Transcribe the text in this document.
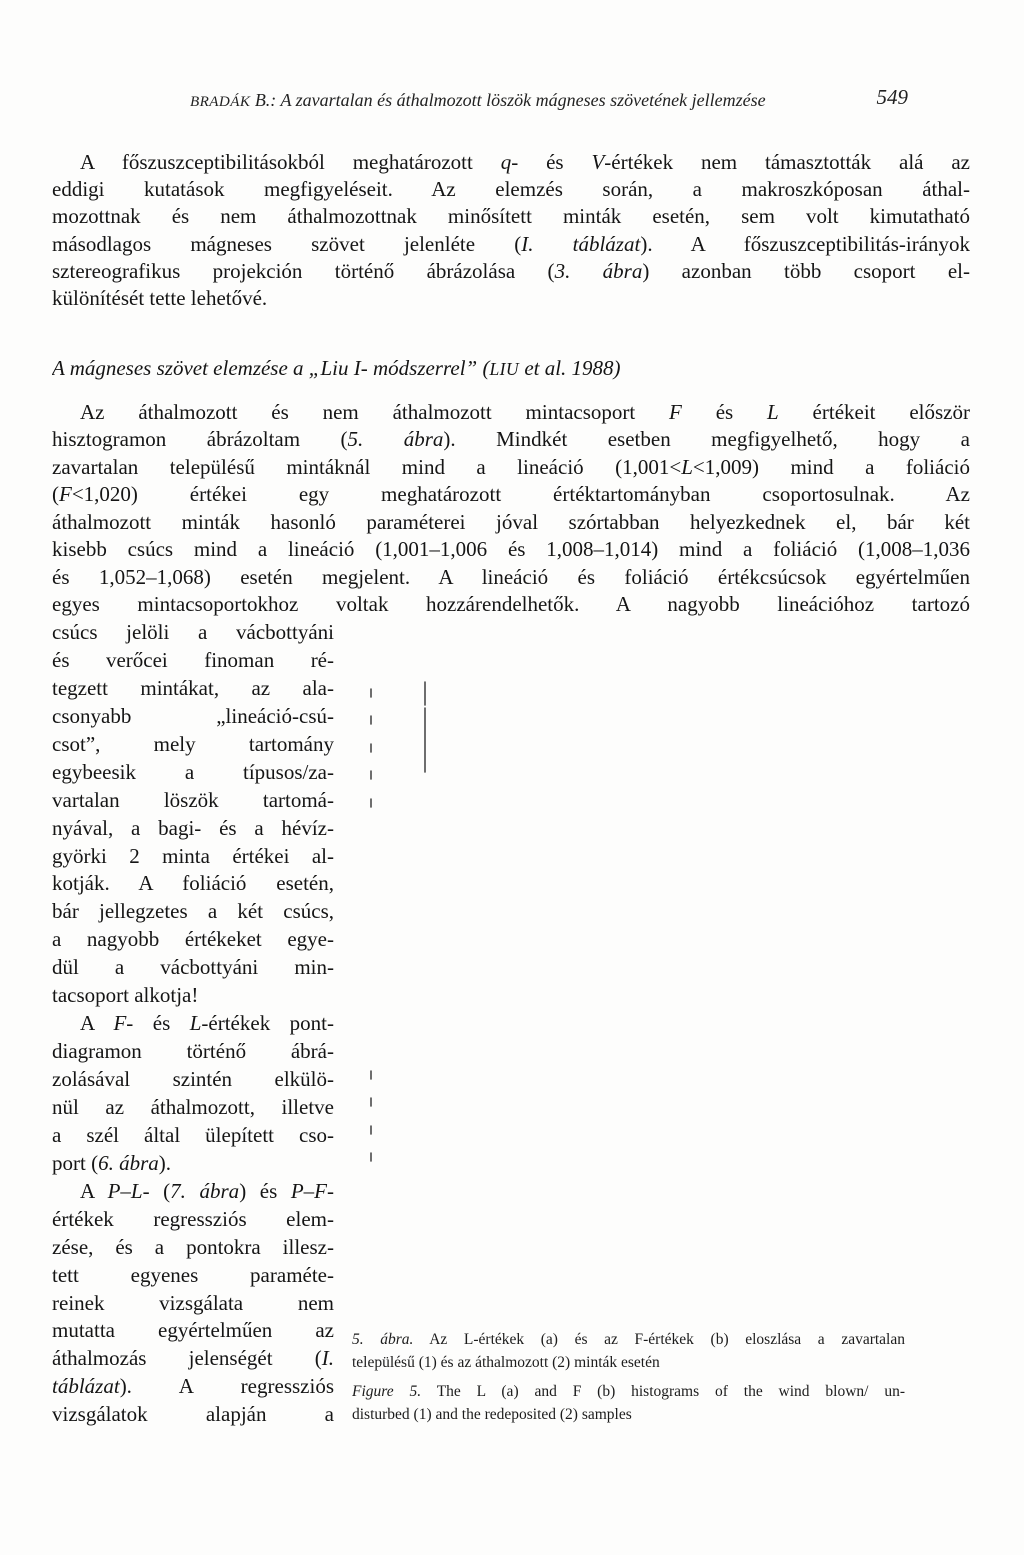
BRADÁK B.: A zavartalan és áthalmozott löszök mágneses szövetének jellemzése	549
A főszuszceptibilitásokból meghatározott q- és V-értékek nem támasztották alá az
eddigi kutatások megfigyeléseit. Az elemzés során, a makroszkóposan áthal-
mozottnak és nem áthalmozottnak minősített minták esetén, sem volt kimutatható
másodlagos mágneses szövet jelenléte (I. táblázat). A főszuszceptibilitás-irányok
sztereografikus projekción történő ábrázolása (3. ábra) azonban több csoport el-
különítését tette lehetővé.
A mágneses szövet elemzése a „Liu I- módszerrel” (LIU et al. 1988)
Az áthalmozott és nem áthalmozott mintacsoport F és L értékeit először
hisztogramon ábrázoltam (5. ábra). Mindkét esetben megfigyelhető, hogy a
zavartalan településű mintáknál mind a lineáció (1,001<L<1,009) mind a foliáció
(F<1,020) értékei egy meghatározott értéktartományban csoportosulnak. Az
áthalmozott minták hasonló paraméterei jóval szórtabban helyezkednek el, bár két
kisebb csúcs mind a lineáció (1,001–1,006 és 1,008–1,014) mind a foliáció (1,008–1,036
és 1,052–1,068) esetén megjelent. A lineáció és foliáció értékcsúcsok egyértelműen
egyes mintacsoportokhoz voltak hozzárendelhetők. A nagyobb lineációhoz tartozó
csúcs jelöli a vácbottyáni
és verőcei finoman ré-
tegzett mintákat, az ala-
csonyabb „lineáció-csú-
csot”, mely tartomány
egybeesik a típusos/za-
vartalan löszök tartomá-
nyával, a bagi- és a hévíz-
györki 2 minta értékei al-
kotják. A foliáció esetén,
bár jellegzetes a két csúcs,
a nagyobb értékeket egye-
dül a vácbottyáni min-
tacsoport alkotja!
A F- és L-értékek pont-
diagramon történő ábrá-
zolásával szintén elkülö-
nül az áthalmozott, illetve
a szél által ülepített cso-
port (6. ábra).
A P–L- (7. ábra) és P–F-
értékek regressziós elem-
zése, és a pontokra illesz-
tett egyenes paraméte-
reinek vizsgálata nem
mutatta egyértelműen az
áthalmozás jelenségét (I.
táblázat). A regressziós
vizsgálatok alapján a
5. ábra. Az L-értékek (a) és az F-értékek (b) eloszlása a zavartalan
településű (1) és az áthalmozott (2) minták esetén
Figure 5. The L (a) and F (b) histograms of the wind blown/ un-
disturbed (1) and the redeposited (2) samples
